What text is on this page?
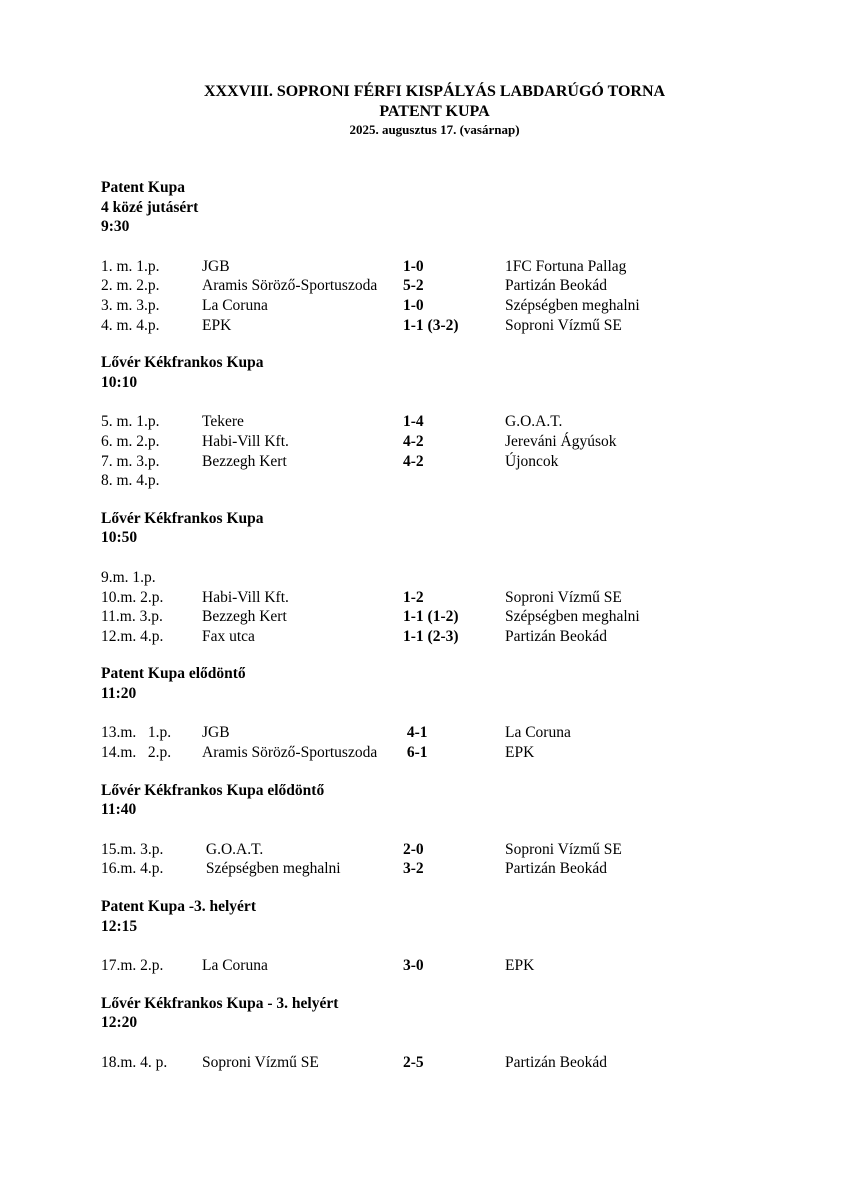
XXXVIII. SOPRONI FÉRFI KISPÁLYÁS LABDARÚGÓ TORNA
PATENT KUPA
2025. augusztus 17. (vasárnap)
Patent Kupa
4 közé jutásért
9:30
1. m. 1.p.	JGB	1-0	1FC Fortuna Pallag
2. m. 2.p.	Aramis Söröző-Sportuszoda 5-2	Partizán Beokád
3. m. 3.p.	La Coruna	1-0	Szépségben meghalni
4. m. 4.p.	EPK	1-1 (3-2)	Soproni Vízmű SE
Lővér Kékfrankos Kupa
10:10
5. m. 1.p.	Tekere	1-4	G.O.A.T.
6. m. 2.p.	Habi-Vill Kft.	4-2	Jereváni Ágyúsok
7. m. 3.p.	Bezzegh Kert	4-2	Újoncok
8. m. 4.p.
Lővér Kékfrankos Kupa
10:50
9.m. 1.p.
10.m. 2.p. Habi-Vill Kft.	1-2	Soproni Vízmű SE
11.m. 3.p.	Bezzegh Kert	1-1 (1-2)	Szépségben meghalni
12.m. 4.p. Fax utca	1-1 (2-3)	Partizán Beokád
Patent Kupa elődöntő
11:20
13.m.   1.p. JGB	4-1	La Coruna
14.m.   2.p. Aramis Söröző-Sportuszoda 6-1	EPK
Lővér Kékfrankos Kupa elődöntő
11:40
15.m. 3.p. G.O.A.T.	2-0	Soproni Vízmű SE
16.m. 4.p. Szépségben meghalni	3-2	Partizán Beokád
Patent Kupa -3. helyért
12:15
17.m. 2.p. La Coruna	3-0	EPK
Lővér Kékfrankos Kupa - 3. helyért
12:20
18.m. 4. p. Soproni Vízmű SE	2-5	Partizán Beokád
